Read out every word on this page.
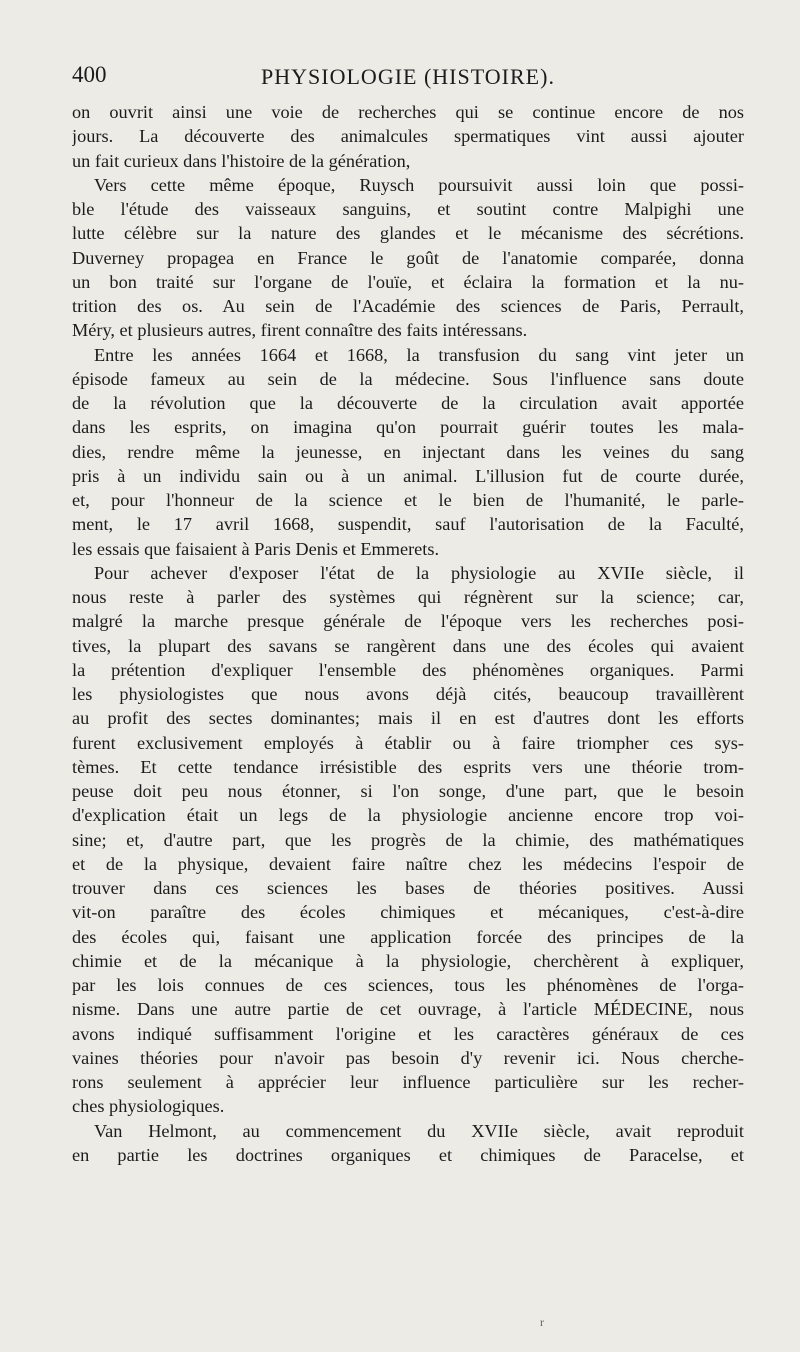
400	PHYSIOLOGIE (HISTOIRE).
on ouvrit ainsi une voie de recherches qui se continue encore de nos
jours. La découverte des animalcules spermatiques vint aussi ajouter
un fait curieux dans l'histoire de la génération,
Vers cette même époque, Ruysch poursuivit aussi loin que possi-
ble l'étude des vaisseaux sanguins, et soutint contre Malpighi une
lutte célèbre sur la nature des glandes et le mécanisme des sécrétions.
Duverney propagea en France le goût de l'anatomie comparée, donna
un bon traité sur l'organe de l'ouïe, et éclaira la formation et la nu-
trition des os. Au sein de l'Académie des sciences de Paris, Perrault,
Méry, et plusieurs autres, firent connaître des faits intéressans.
Entre les années 1664 et 1668, la transfusion du sang vint jeter un
épisode fameux au sein de la médecine. Sous l'influence sans doute
de la révolution que la découverte de la circulation avait apportée
dans les esprits, on imagina qu'on pourrait guérir toutes les mala-
dies, rendre même la jeunesse, en injectant dans les veines du sang
pris à un individu sain ou à un animal. L'illusion fut de courte durée,
et, pour l'honneur de la science et le bien de l'humanité, le parle-
ment, le 17 avril 1668, suspendit, sauf l'autorisation de la Faculté,
les essais que faisaient à Paris Denis et Emmerets.
Pour achever d'exposer l'état de la physiologie au XVIIe siècle, il
nous reste à parler des systèmes qui régnèrent sur la science; car,
malgré la marche presque générale de l'époque vers les recherches posi-
tives, la plupart des savans se rangèrent dans une des écoles qui avaient
la prétention d'expliquer l'ensemble des phénomènes organiques. Parmi
les physiologistes que nous avons déjà cités, beaucoup travaillèrent
au profit des sectes dominantes; mais il en est d'autres dont les efforts
furent exclusivement employés à établir ou à faire triompher ces sys-
tèmes. Et cette tendance irrésistible des esprits vers une théorie trom-
peuse doit peu nous étonner, si l'on songe, d'une part, que le besoin
d'explication était un legs de la physiologie ancienne encore trop voi-
sine; et, d'autre part, que les progrès de la chimie, des mathématiques
et de la physique, devaient faire naître chez les médecins l'espoir de
trouver dans ces sciences les bases de théories positives. Aussi
vit-on paraître des écoles chimiques et mécaniques, c'est-à-dire
des écoles qui, faisant une application forcée des principes de la
chimie et de la mécanique à la physiologie, cherchèrent à expliquer,
par les lois connues de ces sciences, tous les phénomènes de l'orga-
nisme. Dans une autre partie de cet ouvrage, à l'article MÉDECINE, nous
avons indiqué suffisamment l'origine et les caractères généraux de ces
vaines théories pour n'avoir pas besoin d'y revenir ici. Nous cherche-
rons seulement à apprécier leur influence particulière sur les recher-
ches physiologiques.
Van Helmont, au commencement du XVIIe siècle, avait reproduit
en partie les doctrines organiques et chimiques de Paracelse, et
r
